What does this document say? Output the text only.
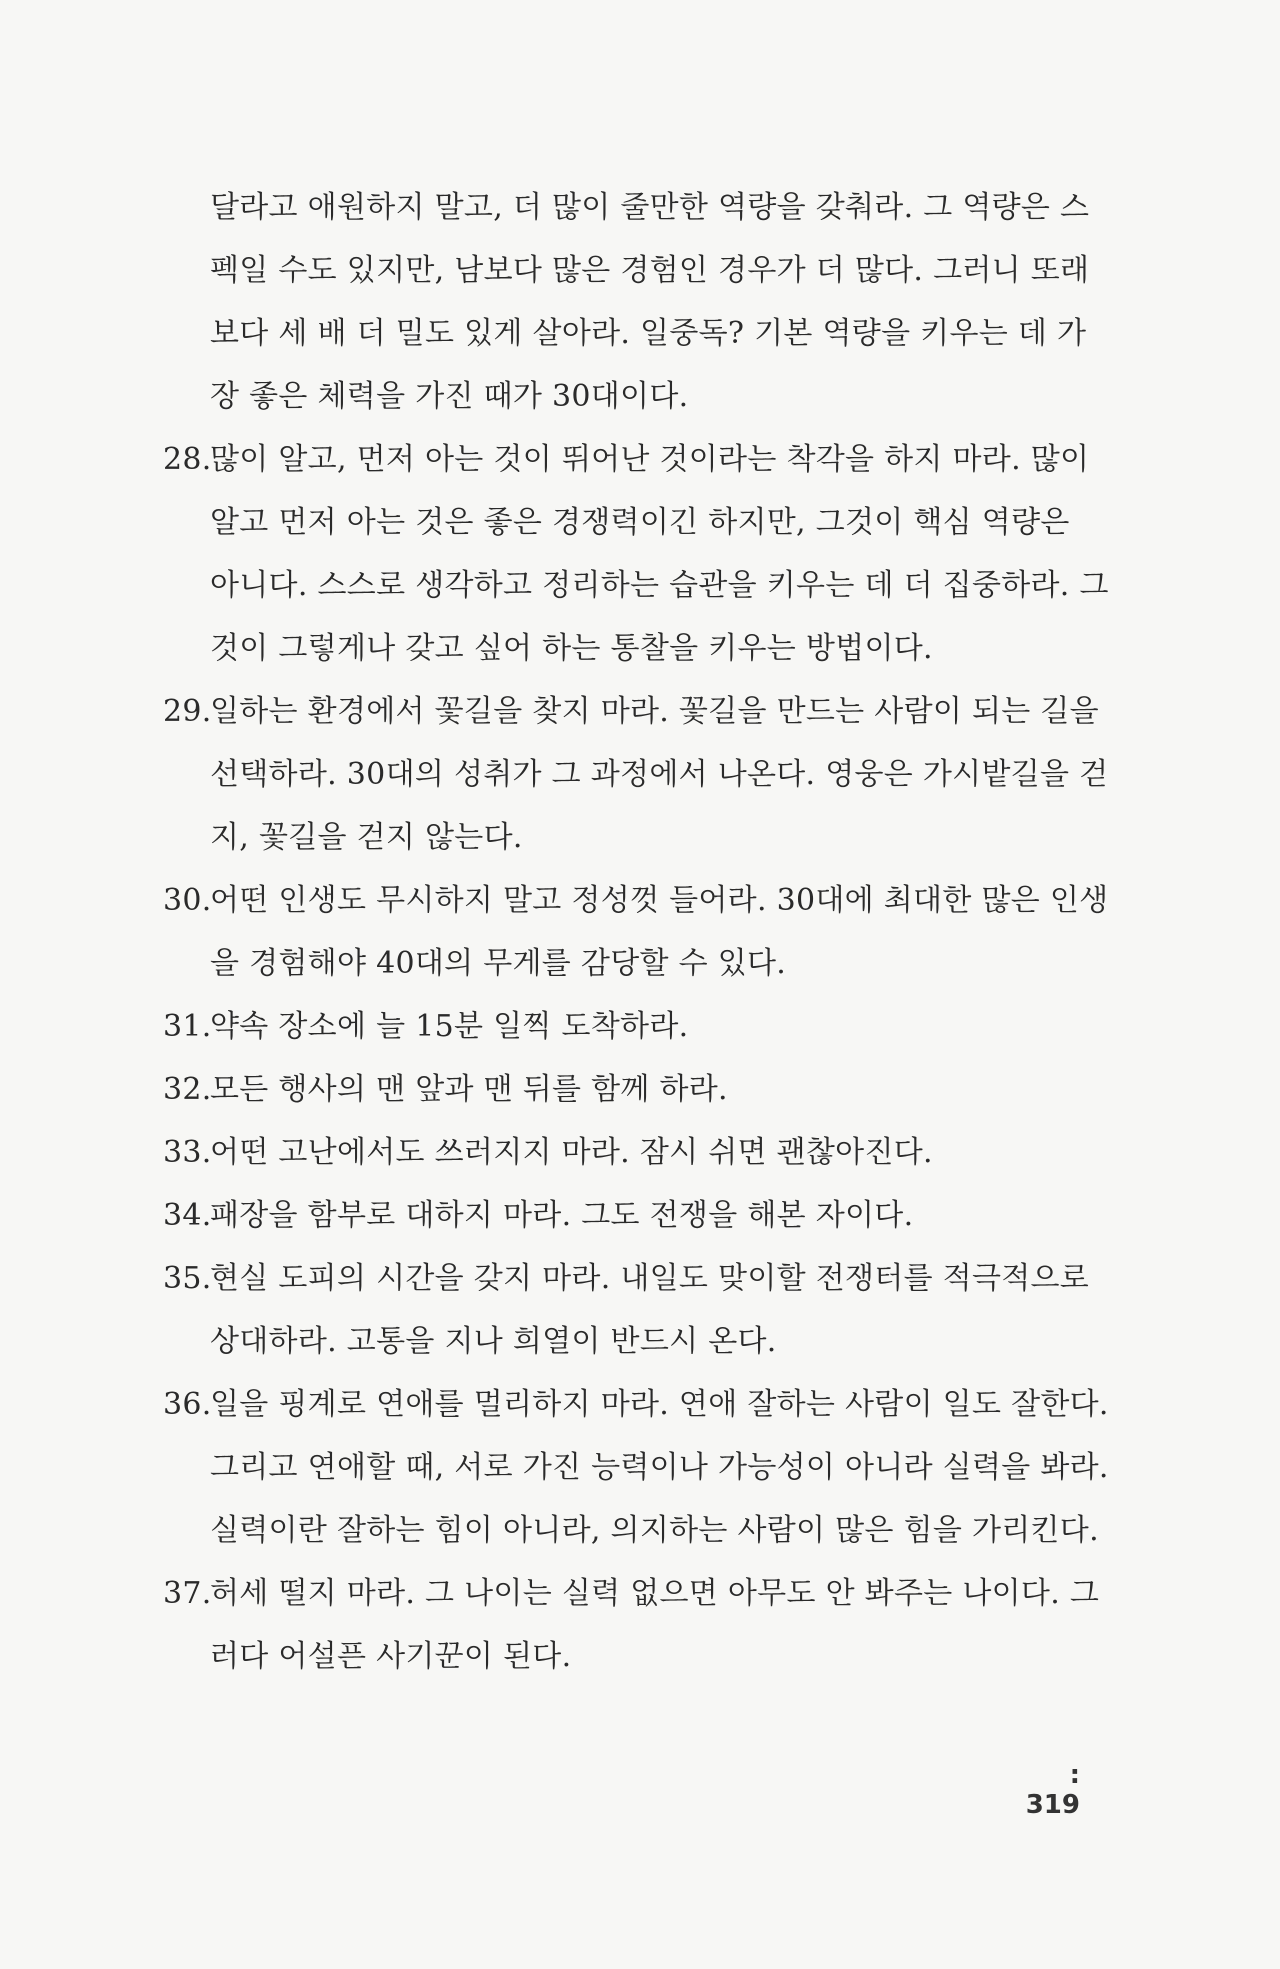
달라고 애원하지 말고, 더 많이 줄만한 역량을 갖춰라. 그 역량은 스
펙일 수도 있지만, 남보다 많은 경험인 경우가 더 많다. 그러니 또래
보다 세 배 더 밀도 있게 살아라. 일중독? 기본 역량을 키우는 데 가
장 좋은 체력을 가진 때가 30대이다.
28.많이 알고, 먼저 아는 것이 뛰어난 것이라는 착각을 하지 마라. 많이
알고 먼저 아는 것은 좋은 경쟁력이긴 하지만, 그것이 핵심 역량은
아니다. 스스로 생각하고 정리하는 습관을 키우는 데 더 집중하라. 그
것이 그렇게나 갖고 싶어 하는 통찰을 키우는 방법이다.
29.일하는 환경에서 꽃길을 찾지 마라. 꽃길을 만드는 사람이 되는 길을
선택하라. 30대의 성취가 그 과정에서 나온다. 영웅은 가시밭길을 걷
지, 꽃길을 걷지 않는다.
30.어떤 인생도 무시하지 말고 정성껏 들어라. 30대에 최대한 많은 인생
을 경험해야 40대의 무게를 감당할 수 있다.
31.약속 장소에 늘 15분 일찍 도착하라.
32.모든 행사의 맨 앞과 맨 뒤를 함께 하라.
33.어떤 고난에서도 쓰러지지 마라. 잠시 쉬면 괜찮아진다.
34.패장을 함부로 대하지 마라. 그도 전쟁을 해본 자이다.
35.현실 도피의 시간을 갖지 마라. 내일도 맞이할 전쟁터를 적극적으로
상대하라. 고통을 지나 희열이 반드시 온다.
36.일을 핑계로 연애를 멀리하지 마라. 연애 잘하는 사람이 일도 잘한다.
그리고 연애할 때, 서로 가진 능력이나 가능성이 아니라 실력을 봐라.
실력이란 잘하는 힘이 아니라, 의지하는 사람이 많은 힘을 가리킨다.
37.허세 떨지 마라. 그 나이는 실력 없으면 아무도 안 봐주는 나이다. 그
러다 어설픈 사기꾼이 된다.
: 319
